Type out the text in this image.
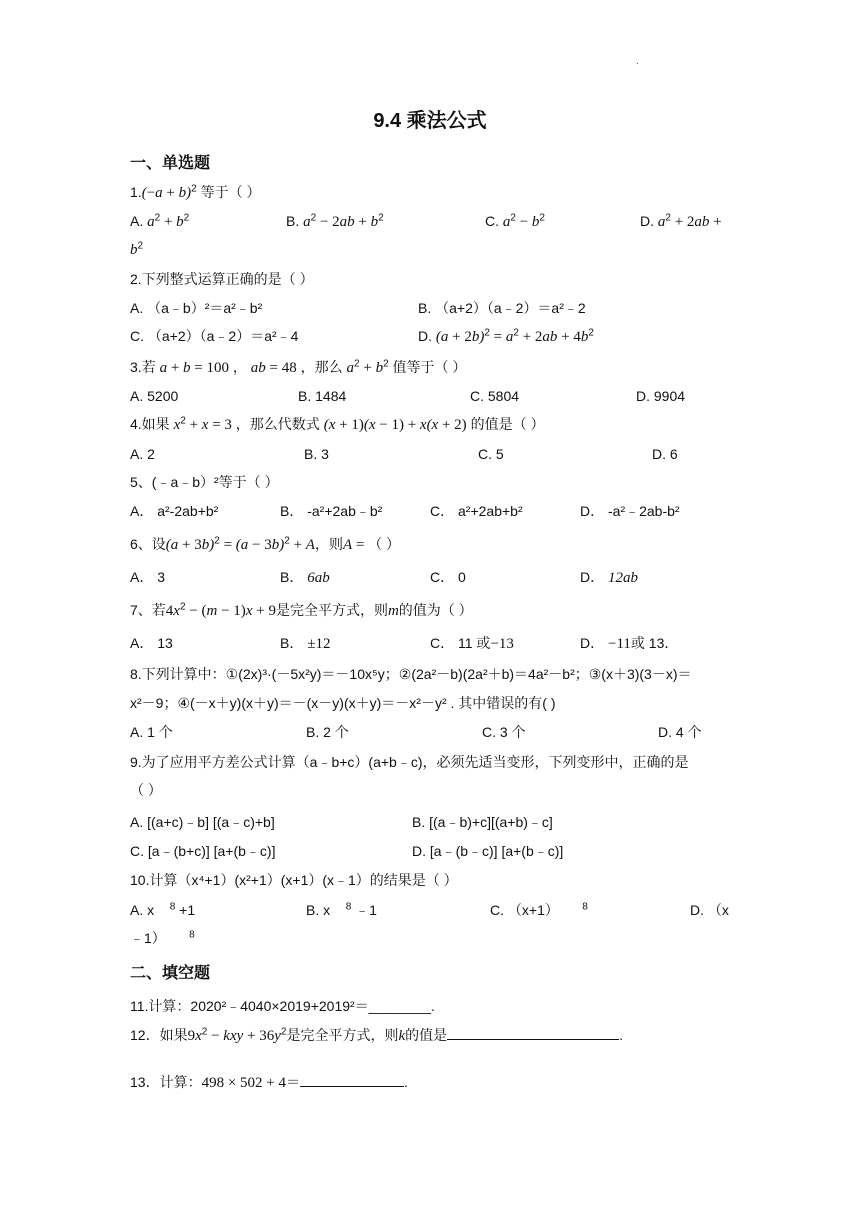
.
9.4 乘法公式
一、单选题
$1.(-a + b)^2$ 等于（ ）
A. $a^2 + b^2$	B. $a^2 - 2ab + b^2$	C. $a^2 - b^2$	D. $a^2 + 2ab$ +
$b^2$
2.下列整式运算正确的是（ ）
A. （a﹣b）²＝a²﹣b²	B. （a+2）（a﹣2）＝a²﹣2
C. （a+2）（a﹣2）＝a²﹣4	D. $(a + 2b)^2 = a^2 + 2ab + 4b^2$
3.若 a + b = 100 ， ab = 48 ，那么 $a^2 + b^2$ 值等于（ ）
A. 5200	B. 1484	C. 5804	D. 9904
4.如果 $x^2 + x = 3$ ，那么代数式 (x + 1)(x − 1) + x(x + 2) 的值是（ ）
A. 2	B. 3	C. 5	D. 6
5、(﹣a﹣b）²等于（ ）
A． a²-2ab+b²	B． -a²+2ab﹣b²	C． a²+2ab+b²	D． -a²﹣2ab-b²
6、设$(a + 3b)^2 = (a - 3b)^2 + A$，则A = （ ）
A． 3	B． 6ab	C． 0	D． 12ab
7、若$4x^2 - (m - 1)x + 9$是完全平方式，则m的值为（ ）
A． 13	B． ±12	C． 11 或−13	D． −11或 13．
8.下列计算中：①(2x)³·(－5x²y)＝－10x⁵y；②(2a²－b)(2a²＋b)＝4a²－b²；③(x＋3)(3－x)＝
x²－9；④(－x＋y)(x＋y)＝－(x－y)(x＋y)＝－x²－y² . 其中错误的有( )
A. 1 个	B. 2 个	C. 3 个	D. 4 个
9.为了应用平方差公式计算（a﹣b+c）(a+b﹣c)，必须先适当变形，下列变形中，正确的是
（ ）
A. [(a+c)﹣b] [(a﹣c)+b]	B. [(a﹣b)+c][(a+b)﹣c]
C. [a﹣(b+c)] [a+(b﹣c)]	D. [a﹣(b﹣c)] [a+(b﹣c)]
10.计算（x⁴+1）(x²+1）(x+1）(x﹣1）的结果是（ ）
A. x $^8$ +1	B. x $^8$ ﹣1	C. （x+1） $^8$	D. （x
﹣1） $^8$
二、填空题
11.计算：2020²﹣4040×2019+2019²＝________.
12．如果$9x^2$ − kxy + $36y^2$是完全平方式，则k的值是	.
13．计算：498 × 502 + 4＝	.
